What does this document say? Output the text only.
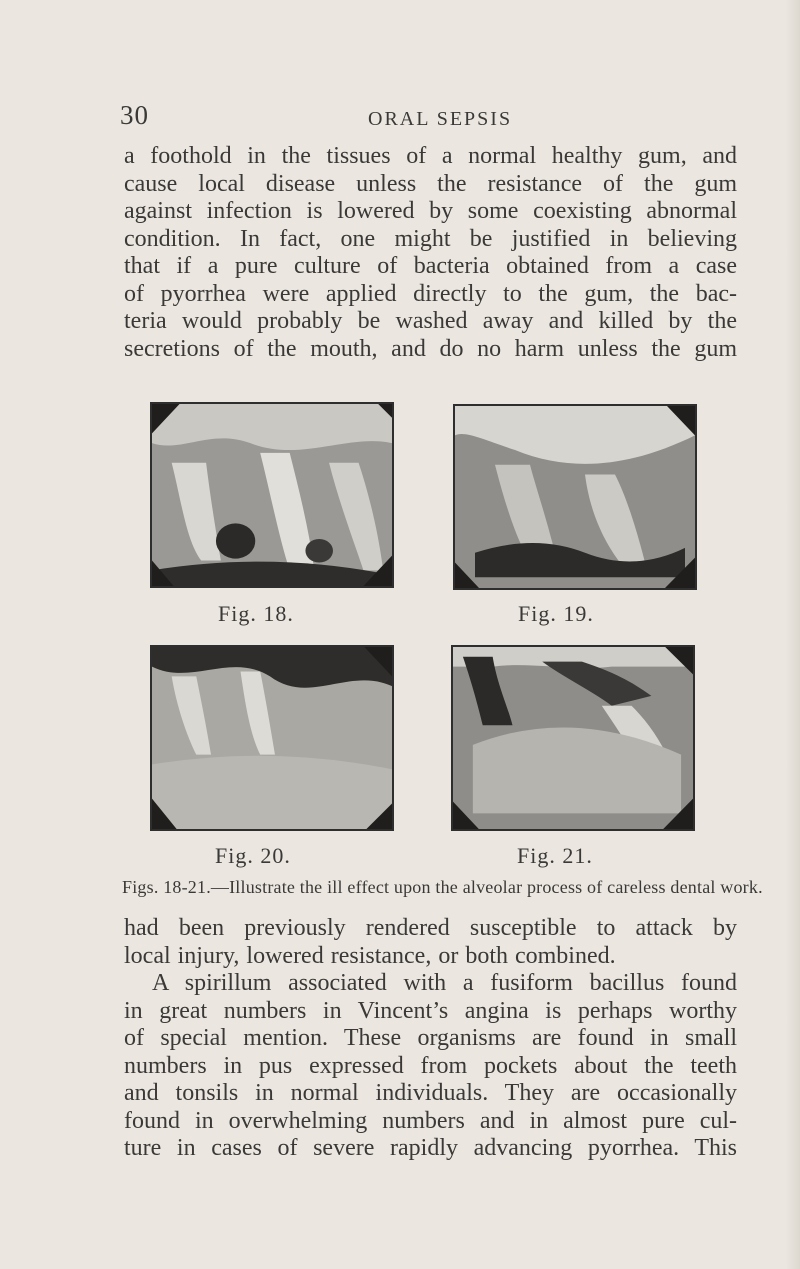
30	ORAL SEPSIS
a foothold in the tissues of a normal healthy gum, and
cause local disease unless the resistance of the gum
against infection is lowered by some coexisting abnormal
condition. In fact, one might be justified in believing
that if a pure culture of bacteria obtained from a case
of pyorrhea were applied directly to the gum, the bac-
teria would probably be washed away and killed by the
secretions of the mouth, and do no harm unless the gum
Fig. 18.	Fig. 19.
Fig. 20.	Fig. 21.
Figs. 18-21.—Illustrate the ill effect upon the alveolar process of careless dental work.
had been previously rendered susceptible to attack by
local injury, lowered resistance, or both combined.
A spirillum associated with a fusiform bacillus found
in great numbers in Vincent’s angina is perhaps worthy
of special mention. These organisms are found in small
numbers in pus expressed from pockets about the teeth
and tonsils in normal individuals. They are occasionally
found in overwhelming numbers and in almost pure cul-
ture in cases of severe rapidly advancing pyorrhea. This
